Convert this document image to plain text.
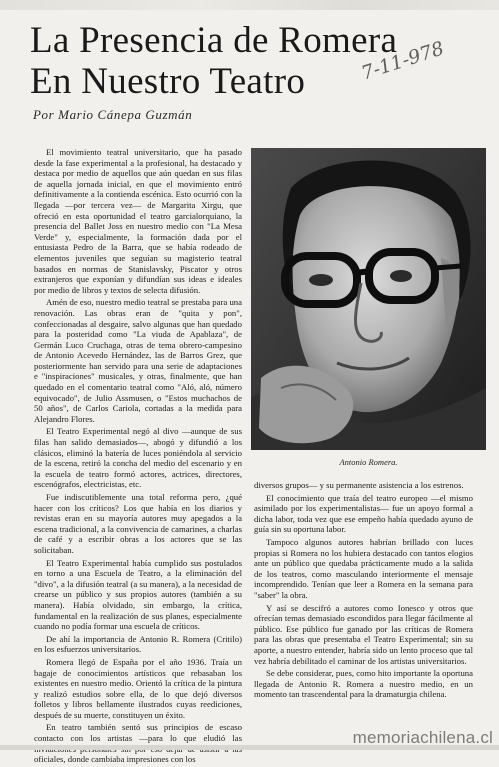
La Presencia de Romera
En Nuestro Teatro	7-11-978
Por Mario Cánepa Guzmán

El movimiento teatral universitario, que ha pasado desde la fase experimental a la profesional, ha destacado y destaca por medio de aquellos que aún quedan en sus filas de aquella jornada inicial, en que el movimiento entró definitivamente a la contienda escénica. Esto ocurrió con la llegada —por tercera vez— de Margarita Xirgu, que ofreció en esta oportunidad el teatro garcialorquiano, la presencia del Ballet Joss en nuestro medio con "La Mesa Verde" y, especialmente, la formación dada por el entusiasta Pedro de la Barra, que se había rodeado de elementos juveniles que seguían su magisterio teatral basados en normas de Stanislavsky, Piscator y otros extranjeros que exponían y difundían sus ideas e ideales por medio de libros y textos de selecta difusión.

Amén de eso, nuestro medio teatral se prestaba para una renovación. Las obras eran de "quita y pon", confeccionadas al desgaire, salvo algunas que han quedado para la posteridad como "La viuda de Apablaza", de Germán Luco Cruchaga, otras de tema obrero-campesino de Antonio Acevedo Hernández, las de Barros Grez, que posteriormente han servido para una serie de adaptaciones e "inspiraciones" musicales, y otras, finalmente, que han quedado en el comentario teatral como "Aló, aló, número equivocado", de Julio Assmusen, o "Estos muchachos de 50 años", de Carlos Cariola, cortadas a la medida para Alejandro Flores.

El Teatro Experimental negó al divo —aunque de sus filas han salido demasiados—, abogó y difundió a los clásicos, eliminó la batería de luces poniéndola al servicio de la escena, retiró la concha del medio del escenario y en la escuela de teatro formó actores, actrices, directores, escenógrafos, electricistas, etc.

Fue indiscutiblemente una total reforma pero, ¿qué hacer con los críticos? Los que había en los diarios y revistas eran en su mayoría autores muy apegados a la escena tradicional, a la convivencia de camarines, a charlas de café y a escribir obras a los actores que se las solicitaban.

El Teatro Experimental había cumplido sus postulados en torno a una Escuela de Teatro, a la eliminación del "divo", a la difusión teatral (a su manera), a la necesidad de crearse un público y sus propios autores (también a su manera). Había olvidado, sin embargo, la crítica, fundamental en la realización de sus planes, especialmente cuando no podía formar una escuela de críticos.

De ahí la importancia de Antonio R. Romera (Critilo) en los esfuerzos universitarios.

Romera llegó de España por el año 1936. Traía un bagaje de conocimientos artísticos que rebasaban los existentes en nuestro medio. Orientó la crítica de la pintura y realizó estudios sobre ella, de lo que dejó diversos folletos y libros bellamente ilustrados cuyas reediciones, después de su muerte, constituyen un éxito.

En teatro también sentó sus principios de escaso contacto con los artistas —para lo que eludió las oficiales, donde cambiaba impresiones con los

Antonio Romera.

diversos grupos— y su permanente asistencia a los estrenos.

El conocimiento que traía del teatro europeo —el mismo asimilado por los experimentalistas— fue un apoyo formal a dicha labor, toda vez que ese empeño había quedado ayuno de guía sin su oportuna labor.

Tampoco algunos autores habrían brillado con luces propias si Romera no los hubiera destacado con tantos elogios ante un público que quedaba prácticamente mudo a la salida de los teatros, como masculando interiormente el mensaje incomprendido. Tenían que leer a Romera en la semana para "saber" la obra.

Y así se descifró a autores como Ionesco y otros que ofrecían temas demasiado escondidos para llegar fácilmente al público. Ese público fue ganado por las críticas de Romera para las obras que presentaba el Teatro Experimental; sin su aporte, a nuestro entender, habría sido un lento proceso que tal vez habría debilitado el caminar de los artistas universitarios.

Se debe considerar, pues, como hito importante la oportuna llegada de Antonio R. Romera a nuestro medio, en un momento tan trascendental para la dramaturgia chilena.

memoriachilena.cl
